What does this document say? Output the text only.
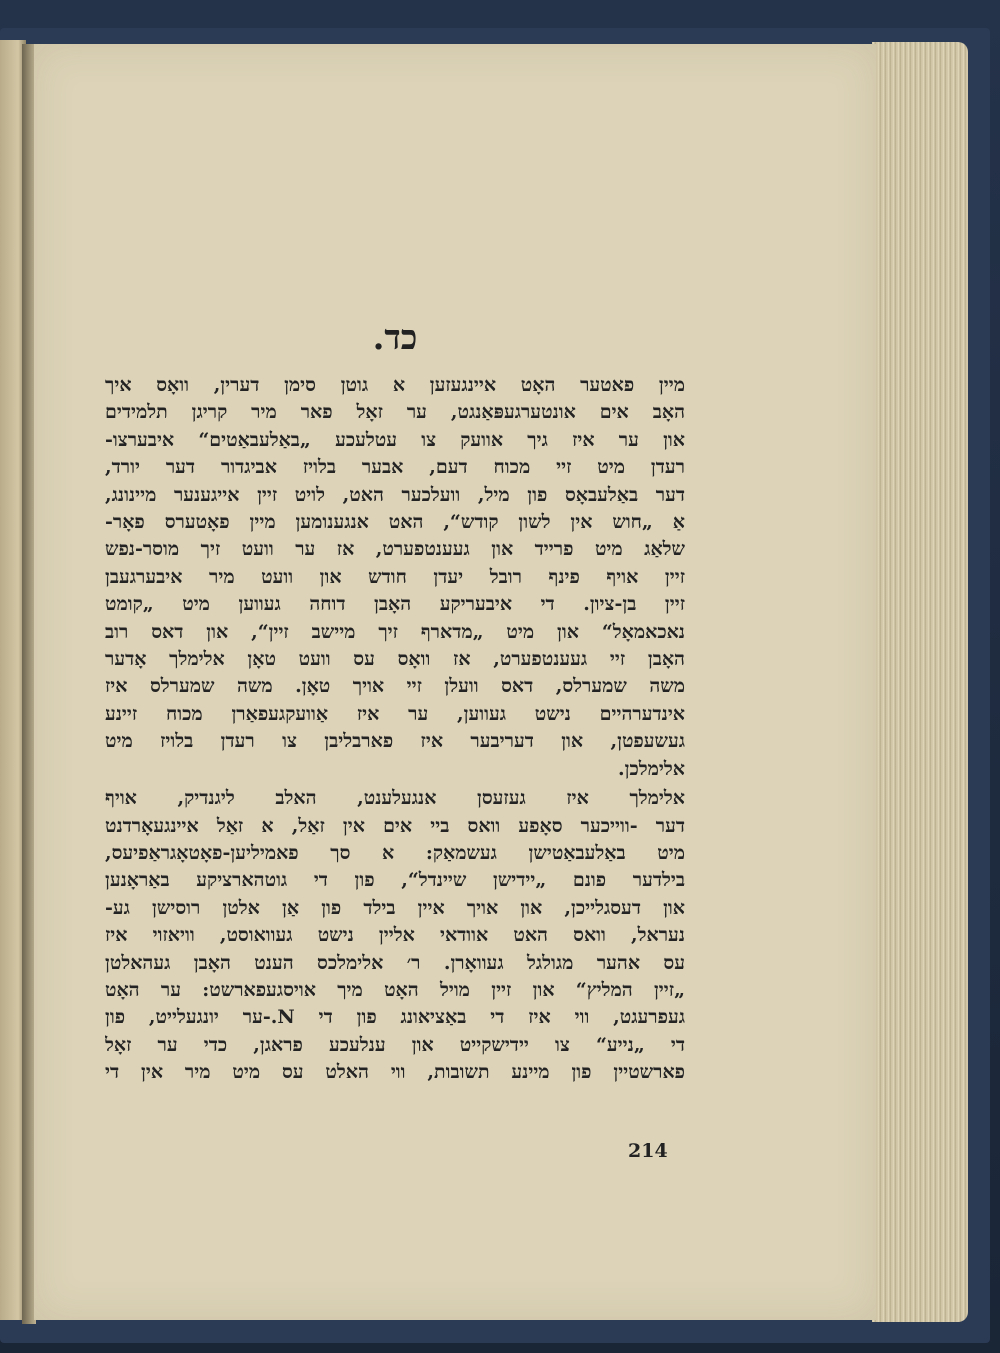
כד.
מיין פאטער האָט איינגעזען א גוטן סימן דערין, וואָס איך
האָב אים אונטערגעפּאַנגט, ער זאָל פאר מיר קריגן תלמידים
און ער איז גיך אוועק צו עטלעכע „באַלעבאַטים“ איבערצו-
רעדן מיט זיי מכוח דעם, אבער בלויז אביגדור דער יורד,
דער באַלעבאָס פון מיל, וועלכער האט, לויט זיין אייגענער מיינונג,
אַ „חוש אין לשון קודש“, האט אנגענומען מיין פאָטערס פאָר-
שלאַג מיט פרייד און געענטפערט, אז ער וועט זיך מוסר-נפש
זיין אויף פינף רובל יעדן חודש און וועט מיר איבערגעבן
זיין בן-ציון. די איבעריקע האָבן דוחה געווען מיט „קומט
נאכאמאָל“ און מיט „מדארף זיך מיישב זיין“, און דאס רוב
האָבן זיי געענטפערט, אז וואָס עס וועט טאָן אלימלך אָדער
משה שמערלס, דאס וועלן זיי אויך טאָן. משה שמערלס איז
אינדערהיים נישט געווען, ער איז אַוועקגעפאַרן מכוח זיינע
געשעפטן, און דעריבער איז פארבליבן צו רעדן בלויז מיט
אלימלכן.
אלימלך איז געזעסן אנגעלענט, האלב ליגנדיק, אויף
דער -ווייכער סאָפע וואס ביי אים אין זאַל, א זאַל איינגעאָרדנט
מיט באַלעבאַטישן געשמאַק: א סך פאמיליען-פאָטאָגראַפיעס,
בילדער פונם „יידישן שיינדל“, פון די גוטהארציקע באַראָנען
און דעסגלייכן, און אויך איין בילד פון אַן אלטן רוסישן גע-
נעראל, וואס האט אוודאי אליין נישט געוואוסט, וויאזוי איז
עס אהער מגולגל געוואָרן. ר׳ אלימלכס הענט האָבן געהאלטן
„זיין המליץ“ און זיין מויל האָט מיך אויסגעפארשט: ער האָט
געפרעגט, ווי איז די באַציאונג פון די N.-ער יונגעלייט, פון
די „נייע“ צו יידישקייט און ענלעכע פראגן, כדי ער זאָל
פארשטיין פון מיינע תשובות, ווי האלט עס מיט מיר אין די
214
